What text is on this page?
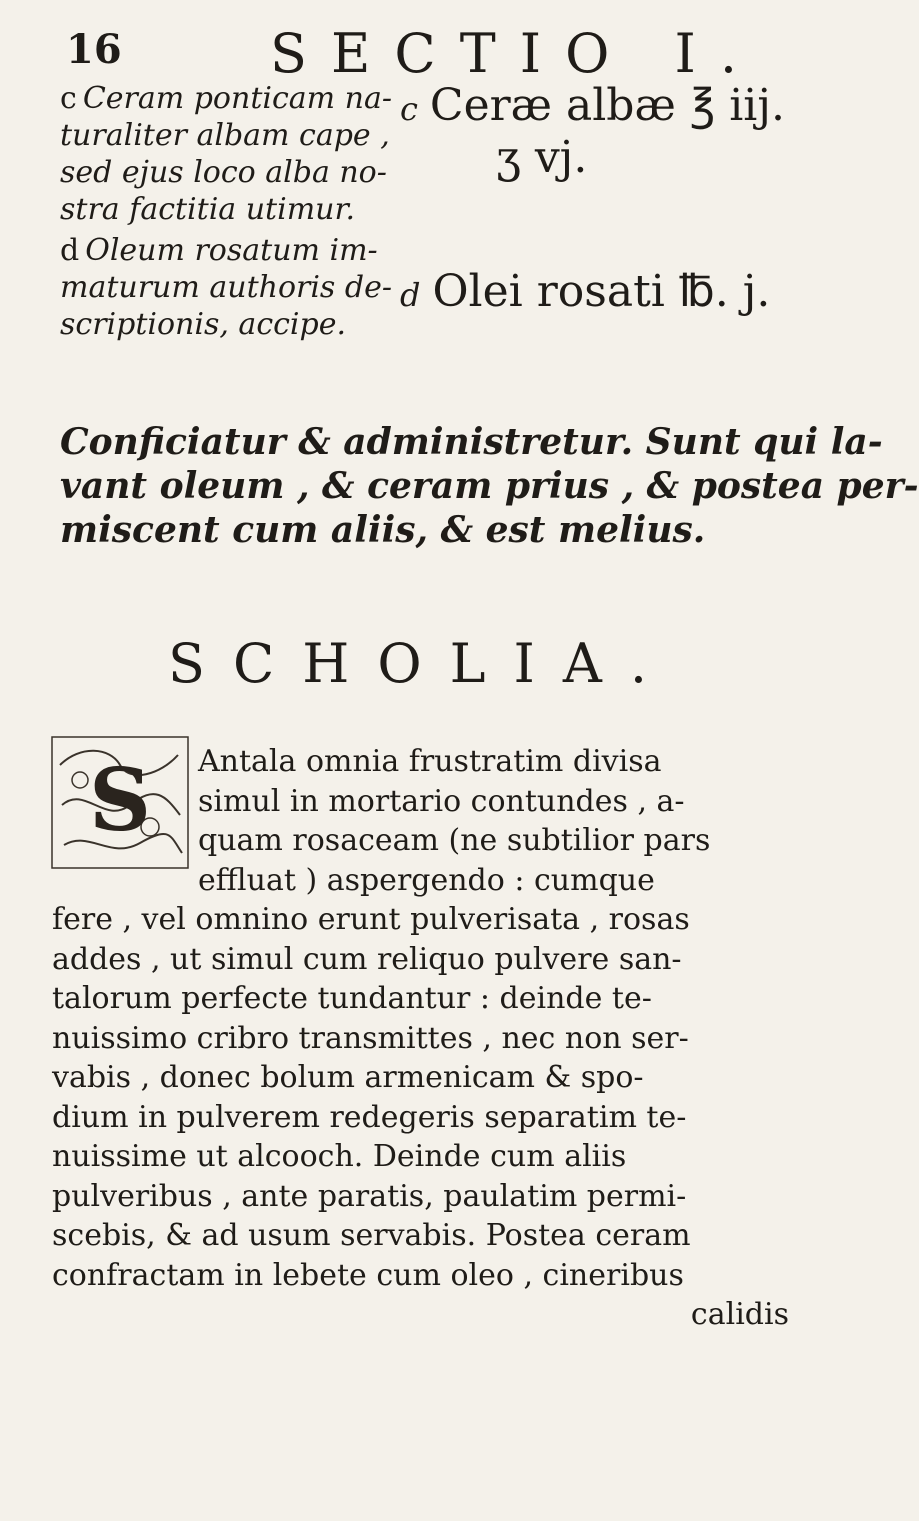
16	SECTIO I.
c Ceram ponticam na-
turaliter albam cape ,
sed ejus loco alba no-
stra factitia utimur.
d Oleum rosatum im-
maturum authoris de-
scriptionis, accipe.
c Ceræ albæ ℥ iij.
ʒ vj.
d Olei rosati ℔. j.
Conficiatur & administretur. Sunt qui la-
vant oleum , & ceram prius , & postea per-
miscent cum aliis, & est melius.
SCHOLIA.
S	Antala omnia frustratim divisa
simul in mortario contundes , a-
quam rosaceam (ne subtilior pars
effluat ) aspergendo : cumque
fere , vel omnino erunt pulverisata , rosas
addes , ut simul cum reliquo pulvere san-
talorum perfecte tundantur : deinde te-
nuissimo cribro transmittes , nec non ser-
vabis , donec bolum armenicam & spo-
dium in pulverem redegeris separatim te-
nuissime ut alcooch. Deinde cum aliis
pulveribus , ante paratis, paulatim permi-
scebis, & ad usum servabis. Postea ceram
confractam in lebete cum oleo , cineribus
calidis
